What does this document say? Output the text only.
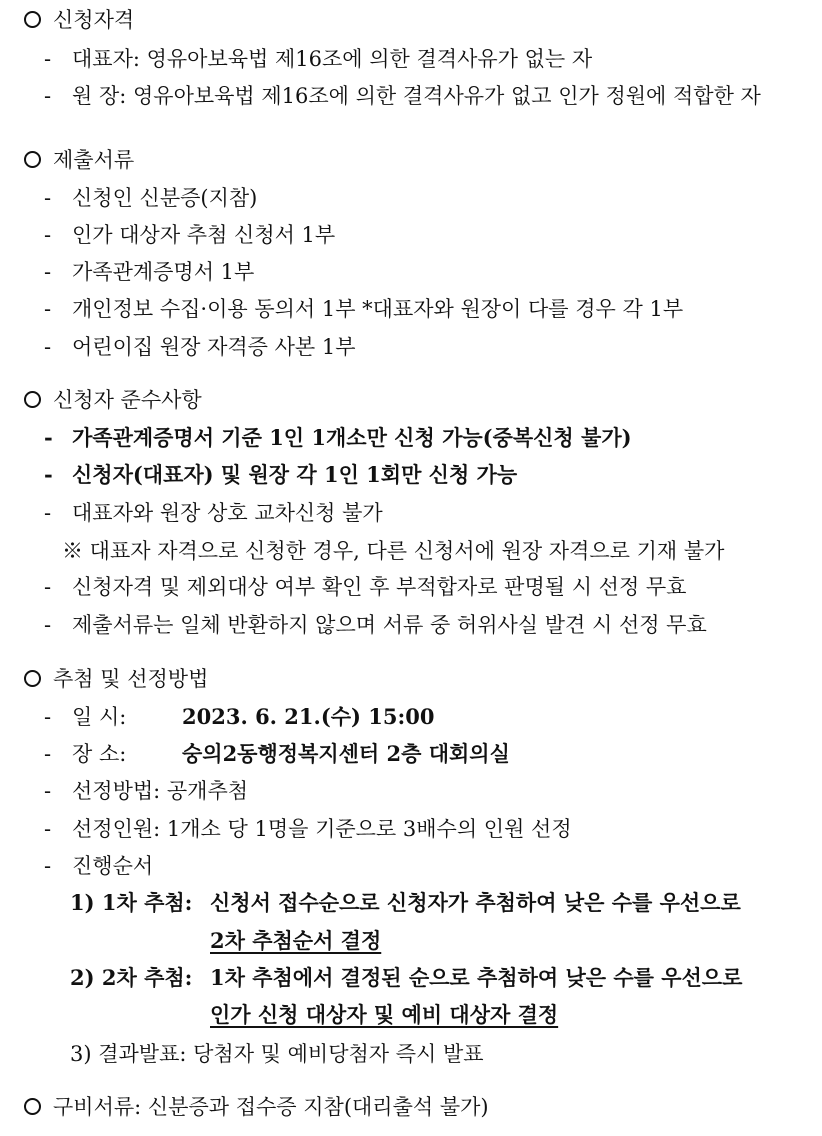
신청자격
- 대표자: 영유아보육법 제16조에 의한 결격사유가 없는 자
- 원 장: 영유아보육법 제16조에 의한 결격사유가 없고 인가 정원에 적합한 자
제출서류
- 신청인 신분증(지참)
- 인가 대상자 추첨 신청서 1부
- 가족관계증명서 1부
- 개인정보 수집·이용 동의서 1부 *대표자와 원장이 다를 경우 각 1부
- 어린이집 원장 자격증 사본 1부
신청자 준수사항
- 가족관계증명서 기준 1인 1개소만 신청 가능(중복신청 불가)
- 신청자(대표자) 및 원장 각 1인 1회만 신청 가능
- 대표자와 원장 상호 교차신청 불가
※ 대표자 자격으로 신청한 경우, 다른 신청서에 원장 자격으로 기재 불가
- 신청자격 및 제외대상 여부 확인 후 부적합자로 판명될 시 선정 무효
- 제출서류는 일체 반환하지 않으며 서류 중 허위사실 발견 시 선정 무효
추첨 및 선정방법
- 일 시:	2023. 6. 21.(수) 15:00
- 장 소:	숭의2동행정복지센터 2층 대회의실
- 선정방법: 공개추첨
- 선정인원: 1개소 당 1명을 기준으로 3배수의 인원 선정
- 진행순서
1) 1차 추첨: 신청서 접수순으로 신청자가 추첨하여 낮은 수를 우선으로
2차 추첨순서 결정
2) 2차 추첨: 1차 추첨에서 결정된 순으로 추첨하여 낮은 수를 우선으로
인가 신청 대상자 및 예비 대상자 결정
3) 결과발표: 당첨자 및 예비당첨자 즉시 발표
구비서류: 신분증과 접수증 지참(대리출석 불가)
